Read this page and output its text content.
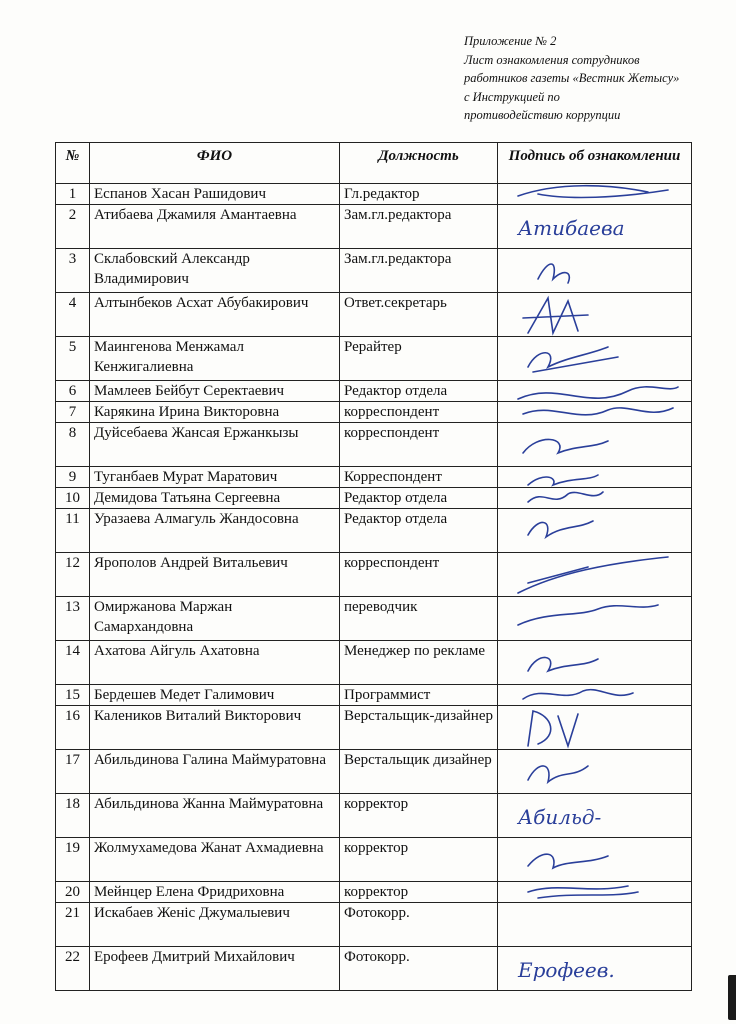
Приложение № 2
Лист ознакомления сотрудников
работников газеты «Вестник Жетысу»
с Инструкцией по
противодействию коррупции
№	ФИО	Должность	Подпись об ознакомлении
1	Еспанов Хасан Рашидович	Гл.редактор	

2	Атибаева Джамиля Амантаевна	Зам.гл.редактора	Атибаева

3	Склабовский Александр Владимирович	Зам.гл.редактора	

4	Алтынбеков Асхат Абубакирович	Ответ.секретарь	

5	Маингенова Менжамал Кенжигалиевна	Рерайтер	

6	Мамлеев Бейбут Серектаевич	Редактор отдела	

7	Карякина Ирина Викторовна	корреспондент	

8	Дуйсебаева Жансая Ержанкызы	корреспондент	

9	Туганбаев Мурат Маратович	Корреспондент	

10	Демидова Татьяна Сергеевна	Редактор отдела	

11	Уразаева Алмагуль Жандосовна	Редактор отдела	

12	Ярополов Андрей Витальевич	корреспондент	

13	Омиржанова Маржан Самархандовна	переводчик	

14	Ахатова Айгуль Ахатовна	Менеджер по рекламе	

15	Бердешев Медет Галимович	Программист	

16	Калеников Виталий Викторович	Верстальщик-дизайнер	

17	Абильдинова Галина Маймуратовна	Верстальщик дизайнер	

18	Абильдинова Жанна Маймуратовна	корректор	Абильд-

19	Жолмухамедова Жанат Ахмадиевна	корректор	

20	Мейнцер Елена Фридриховна	корректор	

21	Искабаев Женіс Джумалыевич	Фотокорр.	

22	Ерофеев Дмитрий Михайлович	Фотокорр.	Ерофеев.
